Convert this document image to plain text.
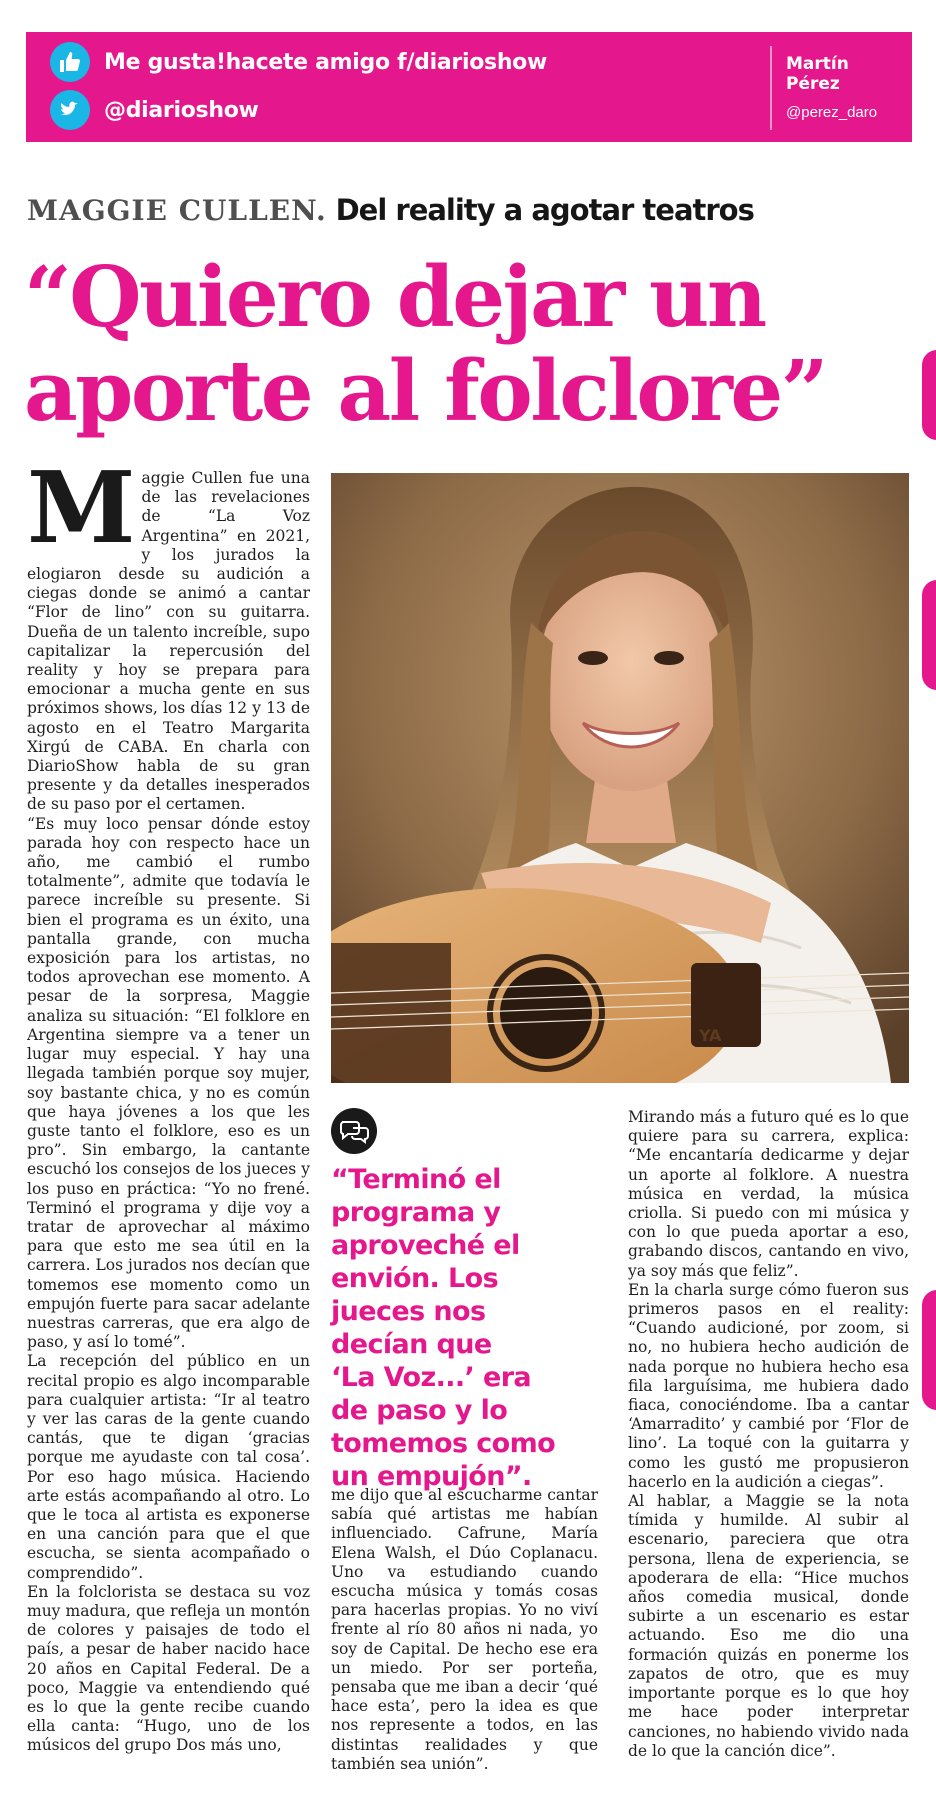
Me gusta!hacete amigo f/diarioshow
@diarioshow
Martín
Pérez
@perez_daro
MAGGIE CULLEN. Del reality a agotar teatros
“Quiero dejar un
aporte al folclore”

Maggie Cullen fue una de las revelaciones de “La Voz Argentina” en 2021, y los jurados la elogiaron desde su audición a ciegas donde se animó a cantar “Flor de lino” con su guitarra. Dueña de un talento increíble, supo capitalizar la repercusión del reality y hoy se prepara para emocionar a mucha gente en sus próximos shows, los días 12 y 13 de agosto en el Teatro Margarita Xirgú de CABA. En charla con DiarioShow habla de su gran presente y da detalles inesperados de su paso por el certamen.

“Es muy loco pensar dónde estoy parada hoy con respecto hace un año, me cambió el rumbo totalmente”, admite que todavía le parece increíble su presente. Si bien el programa es un éxito, una pantalla grande, con mucha exposición para los artistas, no todos aprovechan ese momento. A pesar de la sorpresa, Maggie analiza su situación: “El folklore en Argentina siempre va a tener un lugar muy especial. Y hay una llegada también porque soy mujer, soy bastante chica, y no es común que haya jóvenes a los que les guste tanto el folklore, eso es un pro”. Sin embargo, la cantante escuchó los consejos de los jueces y los puso en práctica: “Yo no frené. Terminó el programa y dije voy a tratar de aprovechar al máximo para que esto me sea útil en la carrera. Los jurados nos decían que tomemos ese momento como un empujón fuerte para sacar adelante nuestras carreras, que era algo de paso, y así lo tomé”.

La recepción del público en un recital propio es algo incomparable para cualquier artista: “Ir al teatro y ver las caras de la gente cuando cantás, que te digan ‘gracias porque me ayudaste con tal cosa’. Por eso hago música. Haciendo arte estás acompañando al otro. Lo que le toca al artista es exponerse en una canción para que el que escucha, se sienta acompañado o comprendido”.

En la folclorista se destaca su voz muy madura, que refleja un montón de colores y paisajes de todo el país, a pesar de haber nacido hace 20 años en Capital Federal. De a poco, Maggie va entendiendo qué es lo que la gente recibe cuando ella canta: “Hugo, uno de los músicos del grupo Dos más uno,

YA
“Terminó el
programa y
aproveché el
envión. Los
jueces nos
decían que
‘La Voz...’ era
de paso y lo
tomemos como
un empujón”.

me dijo que al escucharme cantar sabía qué artistas me habían influenciado. Cafrune, María Elena Walsh, el Dúo Coplanacu. Uno va estudiando cuando escucha música y tomás cosas para hacerlas propias. Yo no viví frente al río 80 años ni nada, yo soy de Capital. De hecho ese era un miedo. Por ser porteña, pensaba que me iban a decir ‘qué hace esta’, pero la idea es que nos represente a todos, en las distintas realidades y que también sea unión”.

Mirando más a futuro qué es lo que quiere para su carrera, explica: “Me encantaría dedicarme y dejar un aporte al folklore. A nuestra música en verdad, la música criolla. Si puedo con mi música y con lo que pueda aportar a eso, grabando discos, cantando en vivo, ya soy más que feliz”.

En la charla surge cómo fueron sus primeros pasos en el reality: “Cuando audicioné, por zoom, si no, no hubiera hecho audición de nada porque no hubiera hecho esa fila larguísima, me hubiera dado fiaca, conociéndome. Iba a cantar ‘Amarradito’ y cambié por ‘Flor de lino’. La toqué con la guitarra y como les gustó me propusieron hacerlo en la audición a ciegas”.

Al hablar, a Maggie se la nota tímida y humilde. Al subir al escenario, pareciera que otra persona, llena de experiencia, se apoderara de ella: “Hice muchos años comedia musical, donde subirte a un escenario es estar actuando. Eso me dio una formación quizás en ponerme los zapatos de otro, que es muy importante porque es lo que hoy me hace poder interpretar canciones, no habiendo vivido nada de lo que la canción dice”.
